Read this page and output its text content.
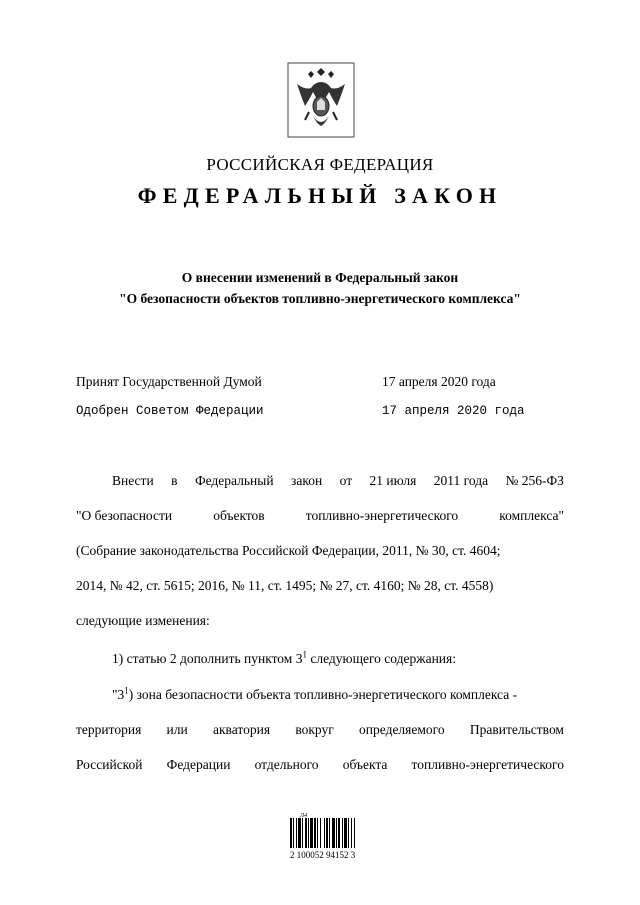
РОССИЙСКАЯ ФЕДЕРАЦИЯ
ФЕДЕРАЛЬНЫЙ ЗАКОН
О внесении изменений в Федеральный закон
"О безопасности объектов топливно-энергетического комплекса"
Принят Государственной Думой	17 апреля 2020 года
Одобрен Советом Федерации	17 апреля 2020 года
Внести в Федеральный закон от 21 июля 2011 года № 256-ФЗ
"О безопасности	объектов	топливно-энергетического	комплекса"
(Собрание законодательства Российской Федерации, 2011, № 30, ст. 4604;
2014, № 42, ст. 5615; 2016, № 11, ст. 1495; № 27, ст. 4160; № 28, ст. 4558)
следующие изменения:
1) статью 2 дополнить пунктом $3^1$ следующего содержания:
"$3^1$) зона безопасности объекта топливно-энергетического комплекса -
территория или акватория вокруг определяемого Правительством
Российской Федерации отдельного объекта топливно-энергетического
Л4
2 100052 94152 3
